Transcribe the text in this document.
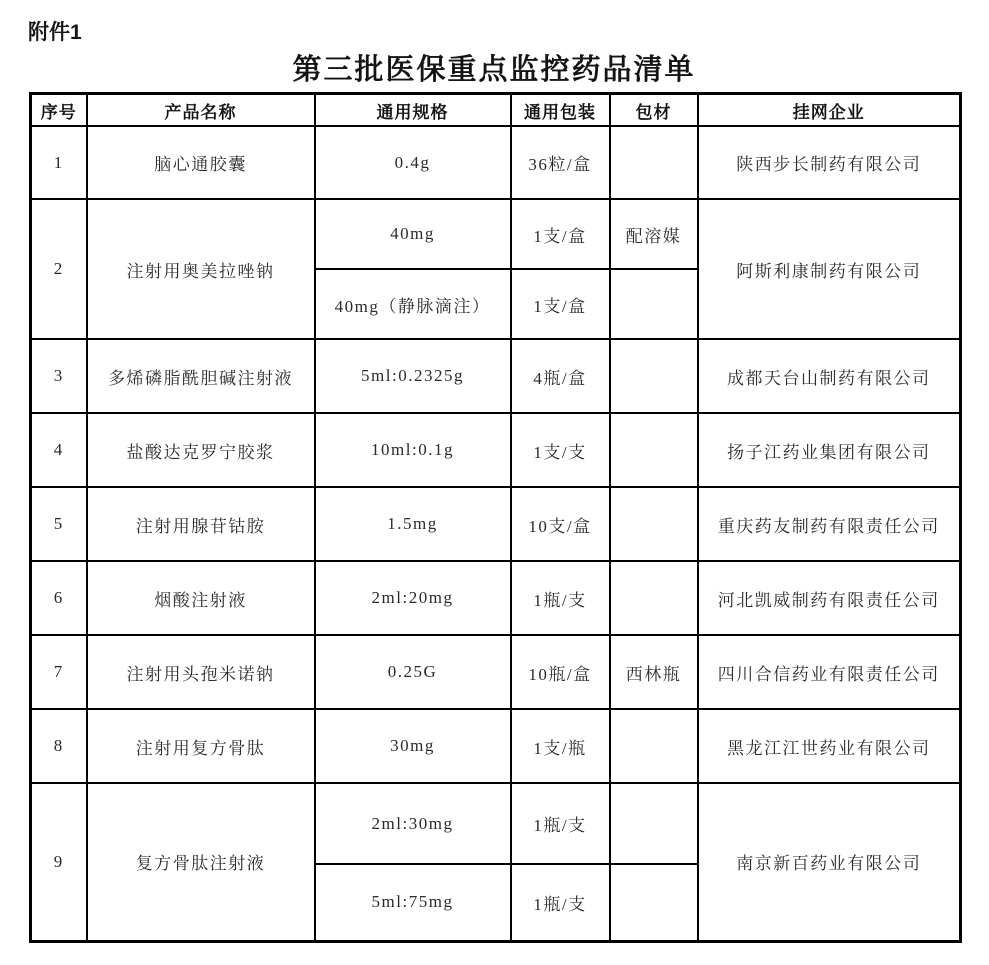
附件1
第三批医保重点监控药品清单
序号	产品名称	通用规格	通用包装	包材	挂网企业
1	脑心通胶囊	0.4g	36粒/盒		陕西步长制药有限公司
2	注射用奥美拉唑钠	40mg	1支/盒	配溶媒	阿斯利康制药有限公司
		40mg（静脉滴注）	1支/盒		
3	多烯磷脂酰胆碱注射液	5ml:0.2325g	4瓶/盒		成都天台山制药有限公司
4	盐酸达克罗宁胶浆	10ml:0.1g	1支/支		扬子江药业集团有限公司
5	注射用腺苷钴胺	1.5mg	10支/盒		重庆药友制药有限责任公司
6	烟酸注射液	2ml:20mg	1瓶/支		河北凯威制药有限责任公司
7	注射用头孢米诺钠	0.25G	10瓶/盒	西林瓶	四川合信药业有限责任公司
8	注射用复方骨肽	30mg	1支/瓶		黑龙江江世药业有限公司
9	复方骨肽注射液	2ml:30mg	1瓶/支		南京新百药业有限公司
		5ml:75mg	1瓶/支		
